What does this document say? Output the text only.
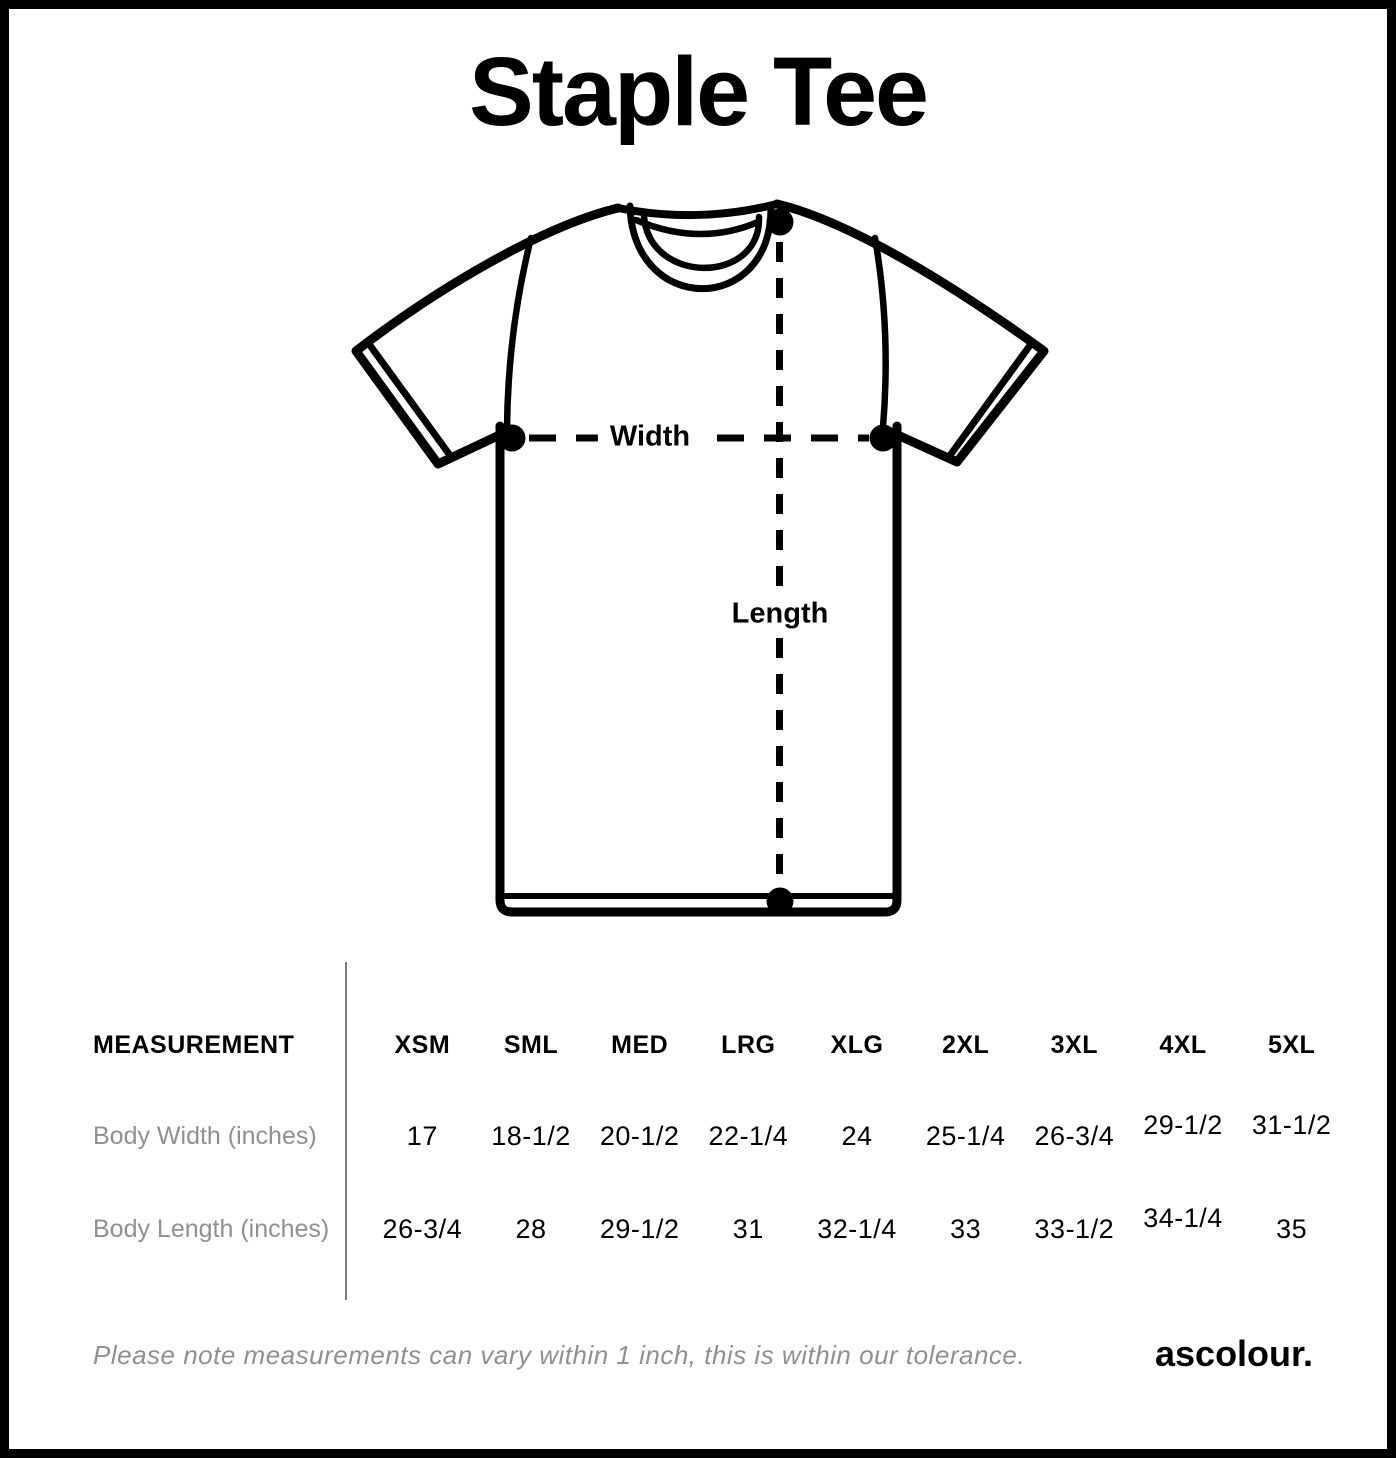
Staple Tee
Width
Length
MEASUREMENT	XSM	SML	MED	LRG	XLG	2XL	3XL	4XL	5XL
Body Width (inches)	17	18-1/2	20-1/2	22-1/4	24	25-1/4	26-3/4	29-1/2	31-1/2
Body Length (inches)	26-3/4	28	29-1/2	31	32-1/4	33	33-1/2	34-1/4	35
Please note measurements can vary within 1 inch, this is within our tolerance.	ascolour.
